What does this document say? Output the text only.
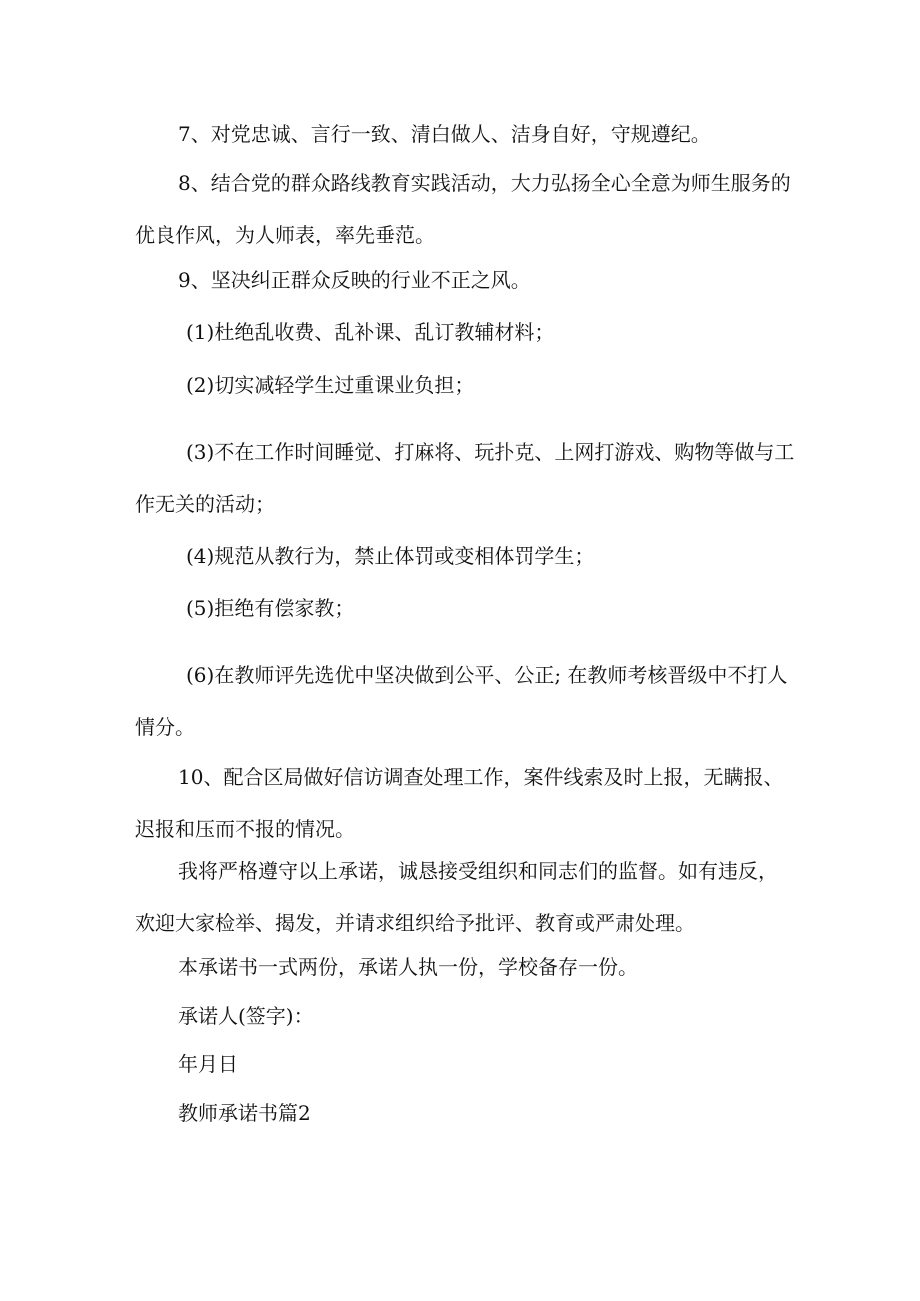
7、对党忠诚、言行一致、清白做人、洁身自好，守规遵纪。
8、结合党的群众路线教育实践活动，大力弘扬全心全意为师生服务的
优良作风，为人师表，率先垂范。
9、坚决纠正群众反映的行业不正之风。
(1)杜绝乱收费、乱补课、乱订教辅材料；
(2)切实减轻学生过重课业负担；
(3)不在工作时间睡觉、打麻将、玩扑克、上网打游戏、购物等做与工
作无关的活动；
(4)规范从教行为，禁止体罚或变相体罚学生；
(5)拒绝有偿家教；
(6)在教师评先选优中坚决做到公平、公正; 在教师考核晋级中不打人
情分。
10、配合区局做好信访调查处理工作，案件线索及时上报，无瞒报、
迟报和压而不报的情况。
我将严格遵守以上承诺，诚恳接受组织和同志们的监督。如有违反，
欢迎大家检举、揭发，并请求组织给予批评、教育或严肃处理。
本承诺书一式两份，承诺人执一份，学校备存一份。
承诺人(签字)：
年月日
教师承诺书篇2
